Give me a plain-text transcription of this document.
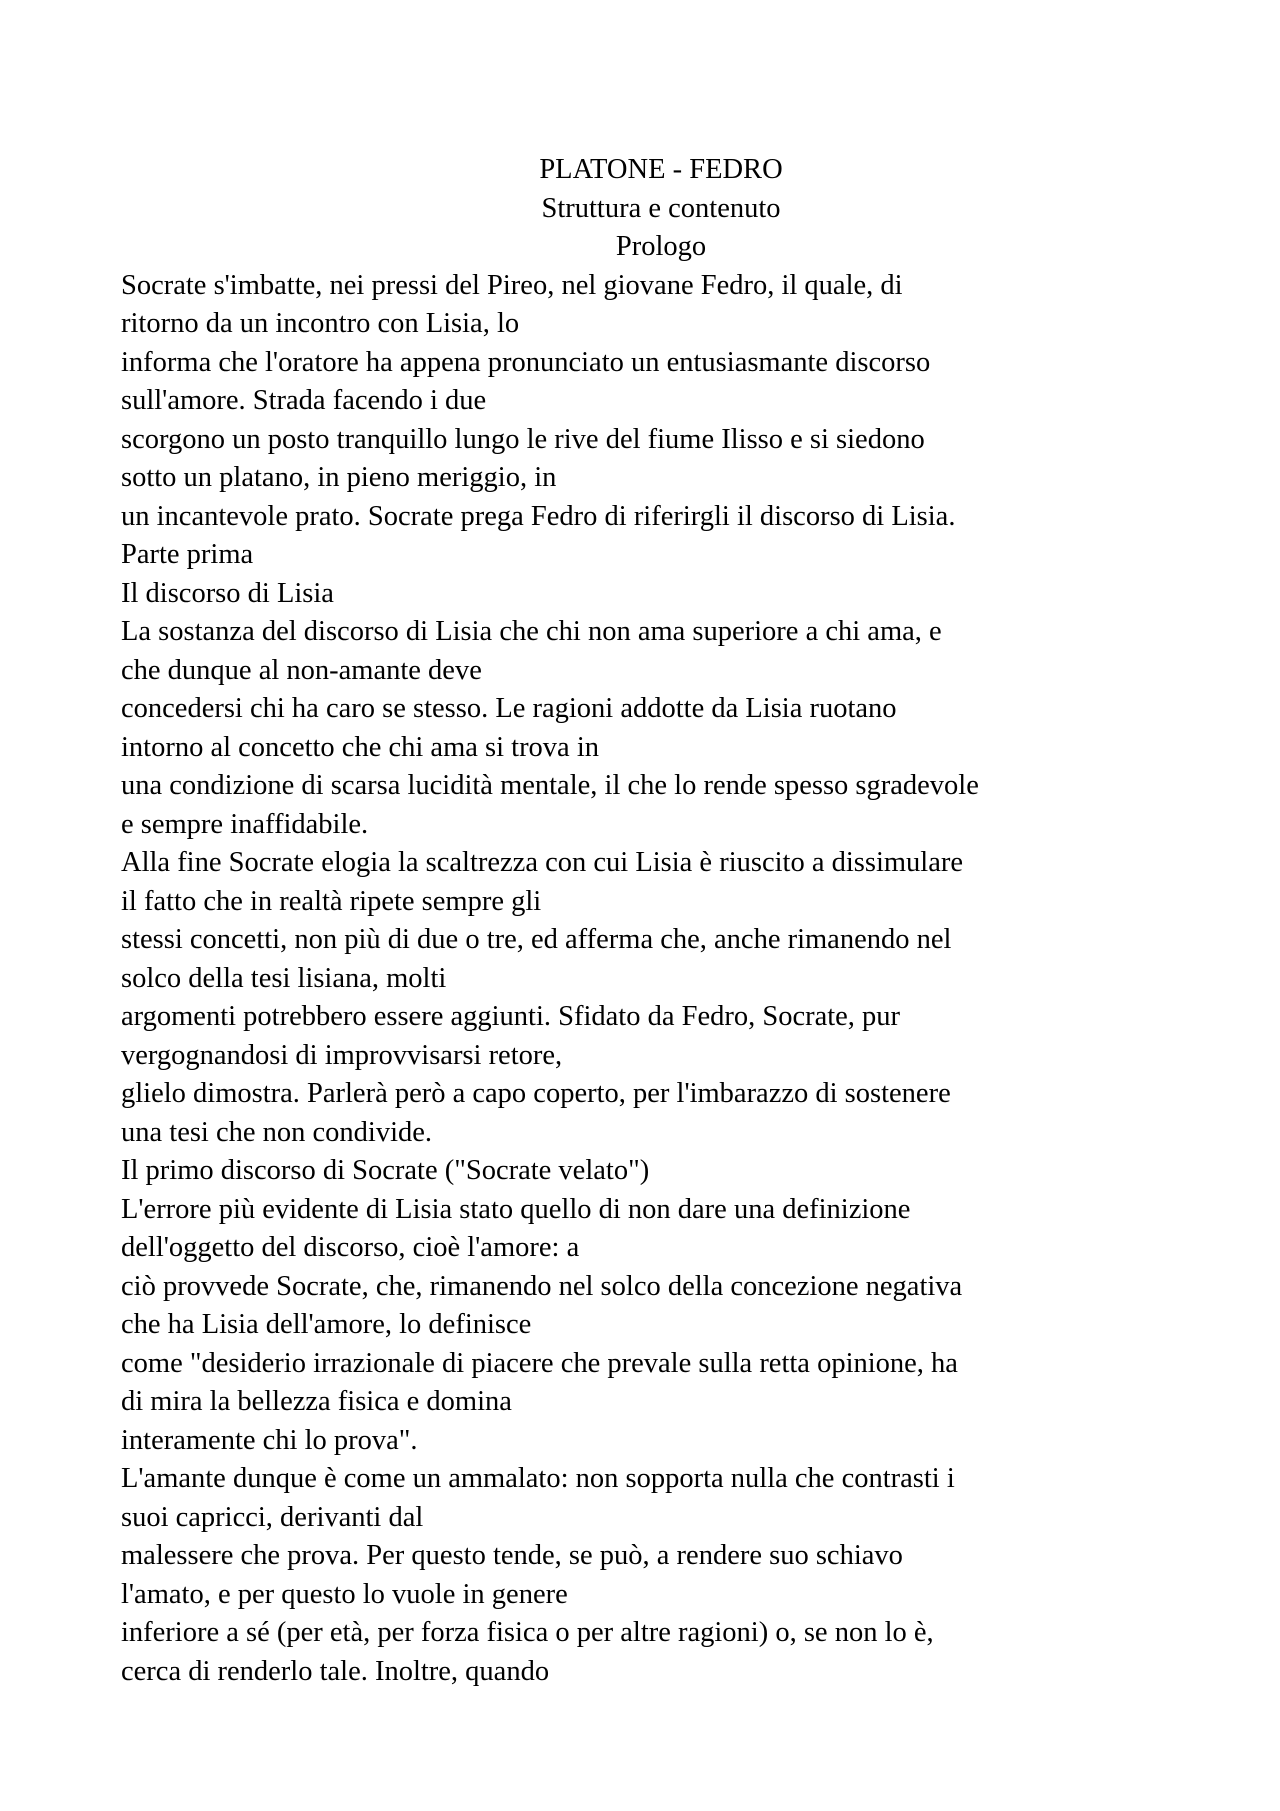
PLATONE - FEDRO
Struttura e contenuto
Prologo
Socrate s'imbatte, nei pressi del Pireo, nel giovane Fedro, il quale, di
ritorno da un incontro con Lisia, lo
informa che l'oratore ha appena pronunciato un entusiasmante discorso
sull'amore. Strada facendo i due
scorgono un posto tranquillo lungo le rive del fiume Ilisso e si siedono
sotto un platano, in pieno meriggio, in
un incantevole prato. Socrate prega Fedro di riferirgli il discorso di Lisia.
Parte prima
Il discorso di Lisia
La sostanza del discorso di Lisia che chi non ama superiore a chi ama, e
che dunque al non-amante deve
concedersi chi ha caro se stesso. Le ragioni addotte da Lisia ruotano
intorno al concetto che chi ama si trova in
una condizione di scarsa lucidità mentale, il che lo rende spesso sgradevole
e sempre inaffidabile.
Alla fine Socrate elogia la scaltrezza con cui Lisia è riuscito a dissimulare
il fatto che in realtà ripete sempre gli
stessi concetti, non più di due o tre, ed afferma che, anche rimanendo nel
solco della tesi lisiana, molti
argomenti potrebbero essere aggiunti. Sfidato da Fedro, Socrate, pur
vergognandosi di improvvisarsi retore,
glielo dimostra. Parlerà però a capo coperto, per l'imbarazzo di sostenere
una tesi che non condivide.
Il primo discorso di Socrate ("Socrate velato")
L'errore più evidente di Lisia stato quello di non dare una definizione
dell'oggetto del discorso, cioè l'amore: a
ciò provvede Socrate, che, rimanendo nel solco della concezione negativa
che ha Lisia dell'amore, lo definisce
come "desiderio irrazionale di piacere che prevale sulla retta opinione, ha
di mira la bellezza fisica e domina
interamente chi lo prova".
L'amante dunque è come un ammalato: non sopporta nulla che contrasti i
suoi capricci, derivanti dal
malessere che prova. Per questo tende, se può, a rendere suo schiavo
l'amato, e per questo lo vuole in genere
inferiore a sé (per età, per forza fisica o per altre ragioni) o, se non lo è,
cerca di renderlo tale. Inoltre, quando
